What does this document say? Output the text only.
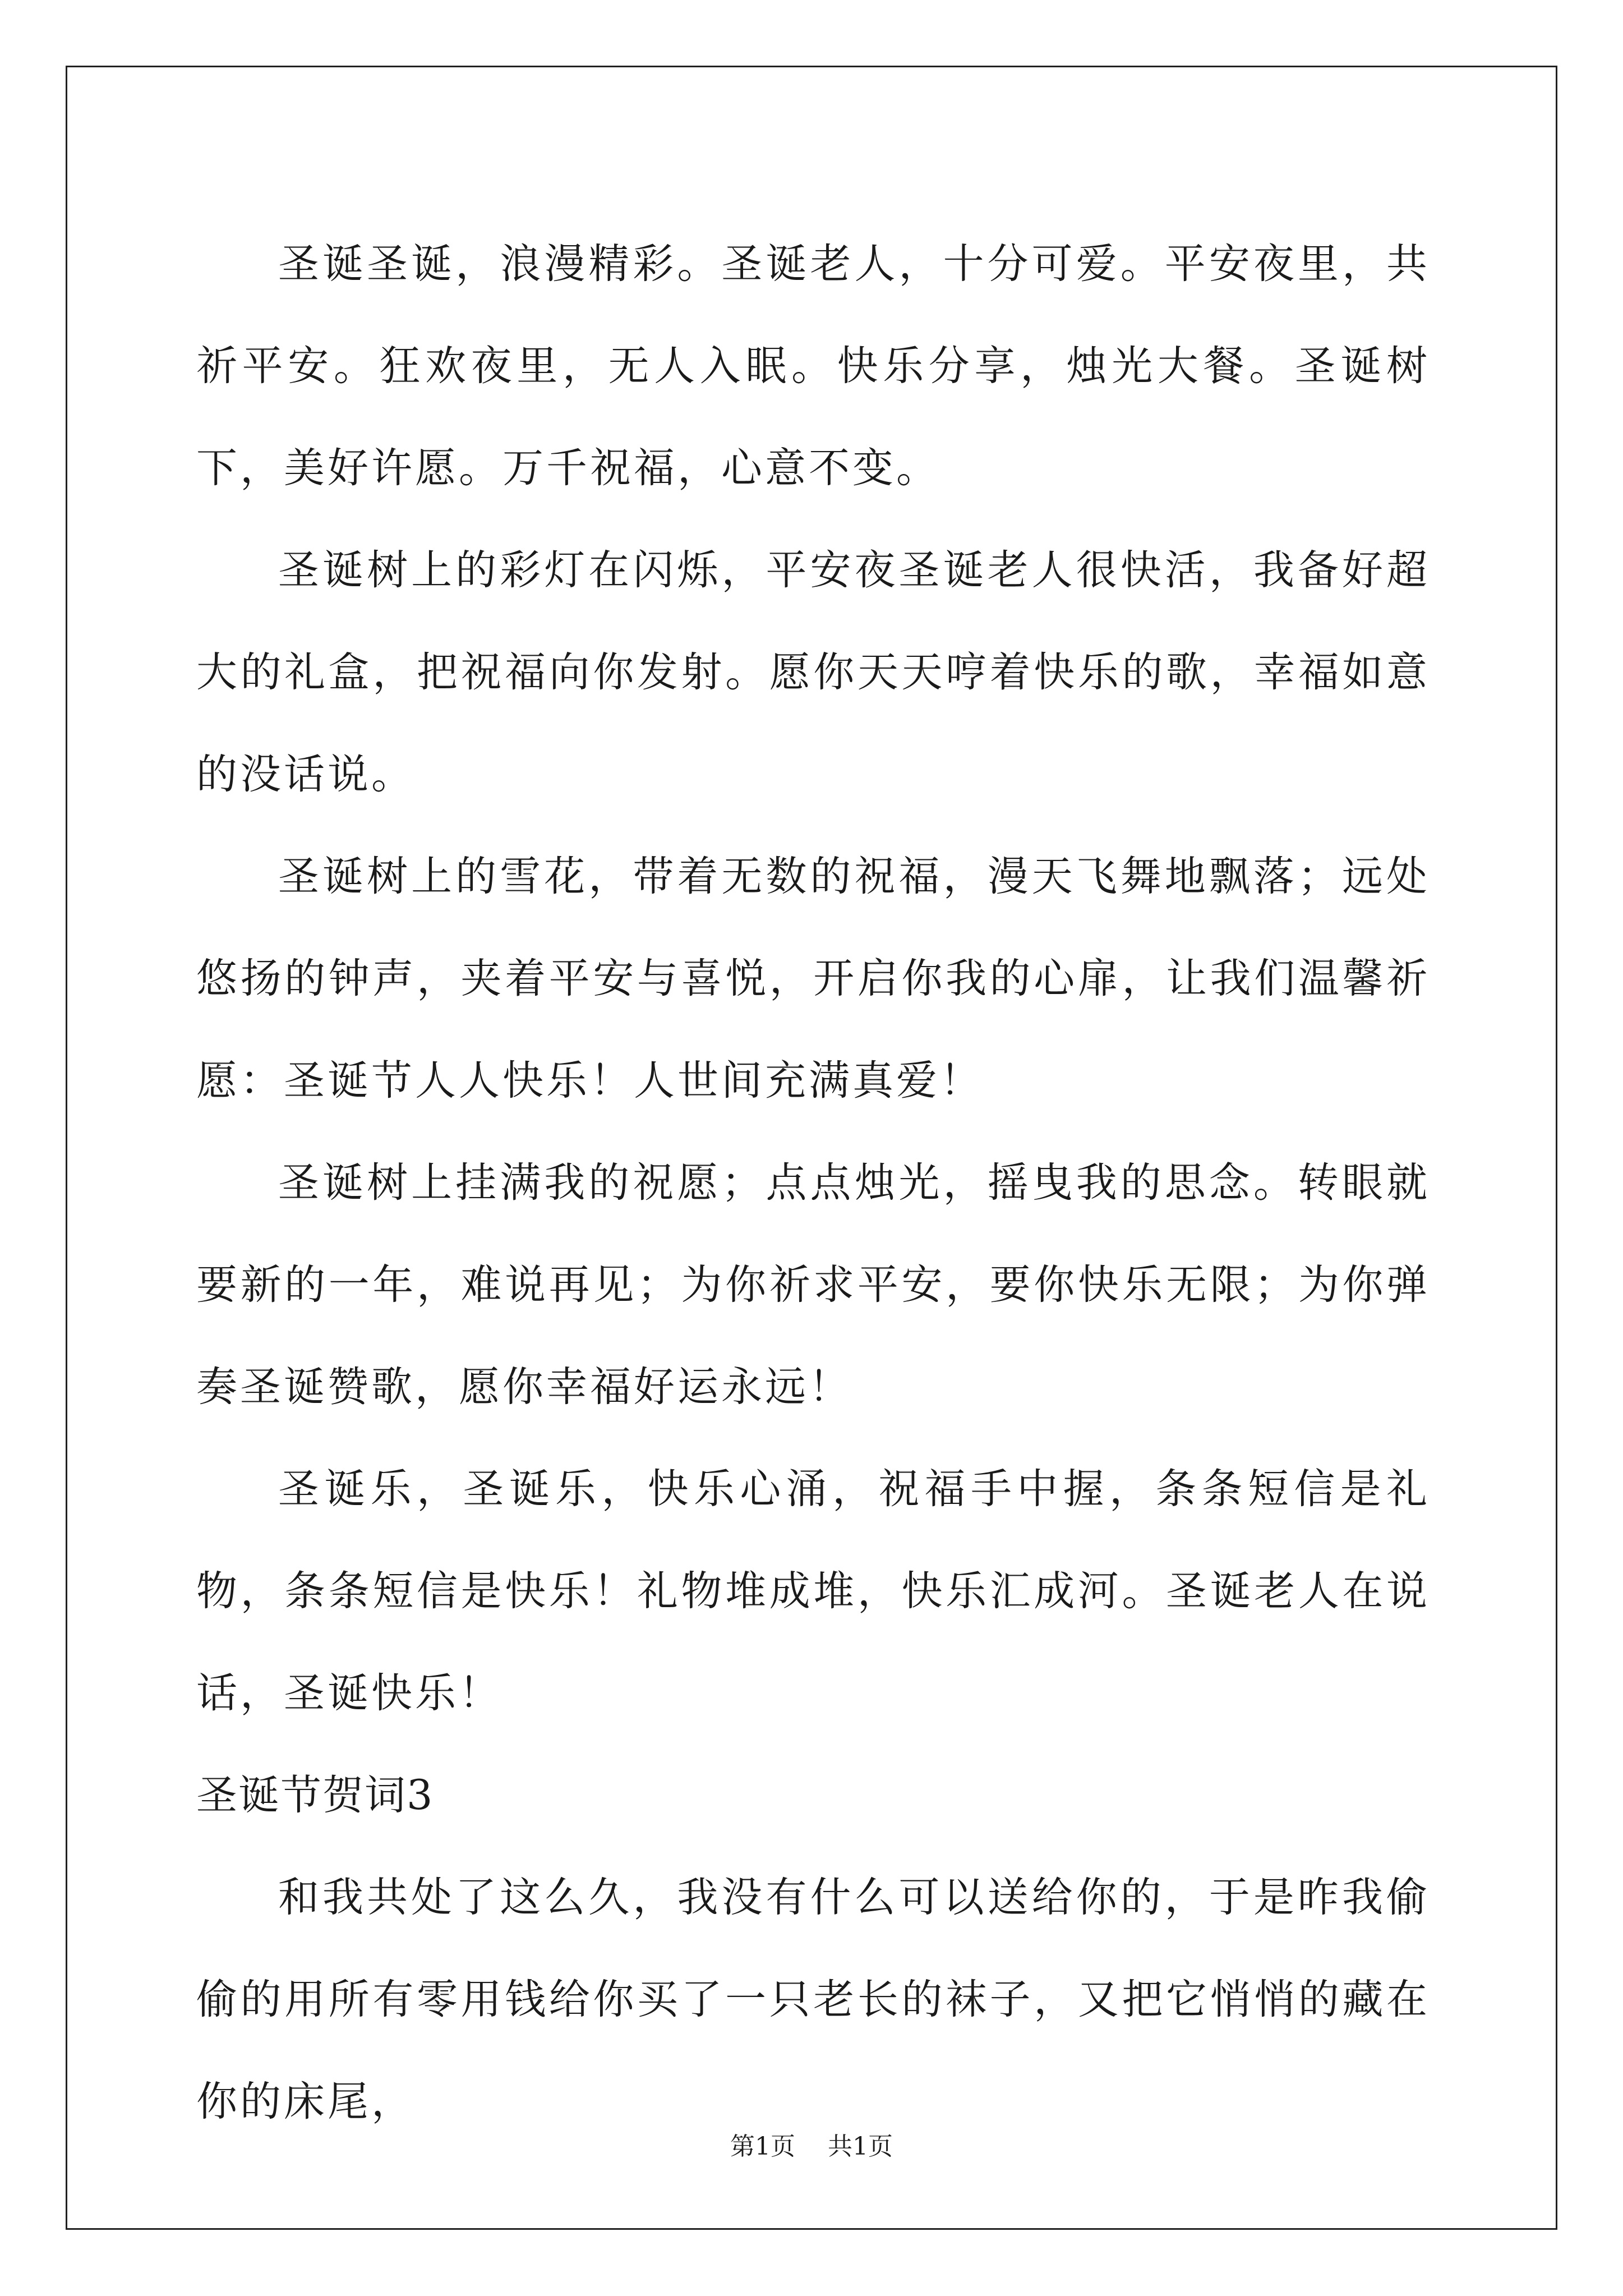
圣诞圣诞，浪漫精彩。圣诞老人，十分可爱。平安夜里，共祈平安。狂欢夜里，无人入眠。快乐分享，烛光大餐。圣诞树下，美好许愿。万千祝福，心意不变。

圣诞树上的彩灯在闪烁，平安夜圣诞老人很快活，我备好超大的礼盒，把祝福向你发射。愿你天天哼着快乐的歌，幸福如意的没话说。

圣诞树上的雪花，带着无数的祝福，漫天飞舞地飘落；远处悠扬的钟声，夹着平安与喜悦，开启你我的心扉，让我们温馨祈愿：圣诞节人人快乐！人世间充满真爱！

圣诞树上挂满我的祝愿；点点烛光，摇曳我的思念。转眼就要新的一年，难说再见；为你祈求平安，要你快乐无限；为你弹奏圣诞赞歌，愿你幸福好运永远！

圣诞乐，圣诞乐，快乐心涌，祝福手中握，条条短信是礼物，条条短信是快乐！礼物堆成堆，快乐汇成河。圣诞老人在说话，圣诞快乐！

圣诞节贺词3

和我共处了这么久，我没有什么可以送给你的，于是昨我偷偷的用所有零用钱给你买了一只老长的袜子，又把它悄悄的藏在你的床尾，

第1页 共1页
